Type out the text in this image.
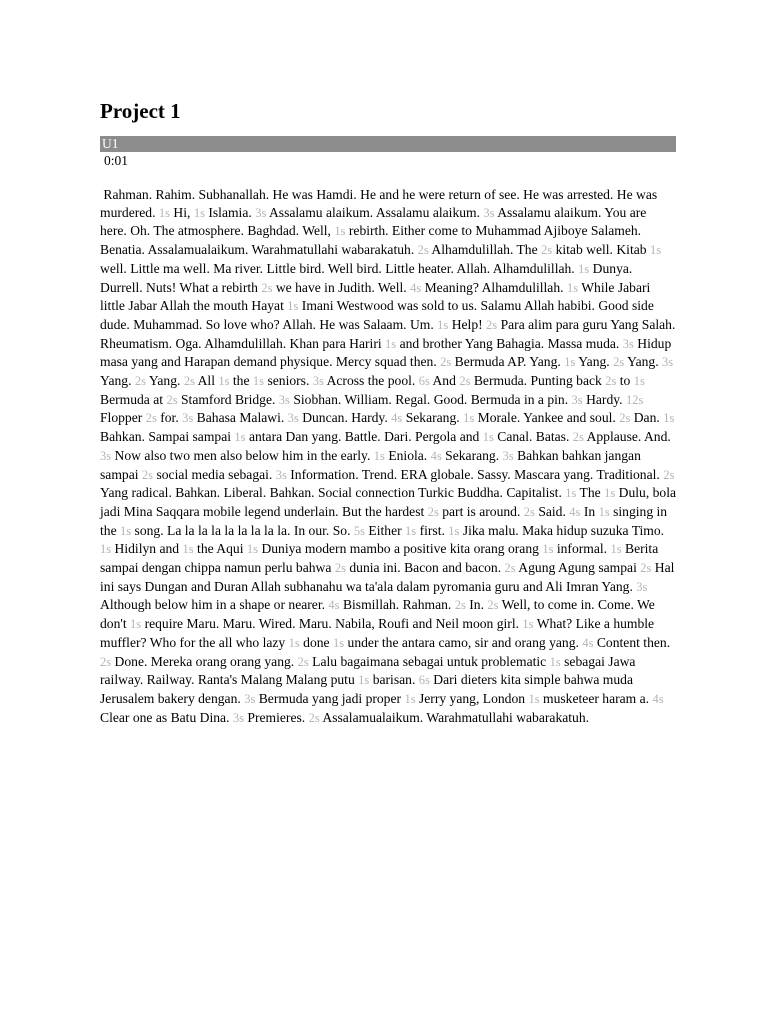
Project 1
U1
0:01
Rahman. Rahim. Subhanallah. He was Hamdi. He and he were return of see. He was arrested. He was murdered. 1s Hi, 1s Islamia. 3s Assalamu alaikum. Assalamu alaikum. 3s Assalamu alaikum. You are here. Oh. The atmosphere. Baghdad. Well, 1s rebirth. Either come to Muhammad Ajiboye Salameh. Benatia. Assalamualaikum. Warahmatullahi wabarakatuh. 2s Alhamdulillah. The 2s kitab well. Kitab 1s well. Little ma well. Ma river. Little bird. Well bird. Little heater. Allah. Alhamdulillah. 1s Dunya. Durrell. Nuts! What a rebirth 2s we have in Judith. Well. 4s Meaning? Alhamdulillah. 1s While Jabari little Jabar Allah the mouth Hayat 1s Imani Westwood was sold to us. Salamu Allah habibi. Good side dude. Muhammad. So love who? Allah. He was Salaam. Um. 1s Help! 2s Para alim para guru Yang Salah. Rheumatism. Oga. Alhamdulillah. Khan para Hariri 1s and brother Yang Bahagia. Massa muda. 3s Hidup masa yang and Harapan demand physique. Mercy squad then. 2s Bermuda AP. Yang. 1s Yang. 2s Yang. 3s Yang. 2s Yang. 2s All 1s the 1s seniors. 3s Across the pool. 6s And 2s Bermuda. Punting back 2s to 1s Bermuda at 2s Stamford Bridge. 3s Siobhan. William. Regal. Good. Bermuda in a pin. 3s Hardy. 12s Flopper 2s for. 3s Bahasa Malawi. 3s Duncan. Hardy. 4s Sekarang. 1s Morale. Yankee and soul. 2s Dan. 1s Bahkan. Sampai sampai 1s antara Dan yang. Battle. Dari. Pergola and 1s Canal. Batas. 2s Applause. And. 3s Now also two men also below him in the early. 1s Eniola. 4s Sekarang. 3s Bahkan bahkan jangan sampai 2s social media sebagai. 3s Information. Trend. ERA globale. Sassy. Mascara yang. Traditional. 2s Yang radical. Bahkan. Liberal. Bahkan. Social connection Turkic Buddha. Capitalist. 1s The 1s Dulu, bola jadi Mina Saqqara mobile legend underlain. But the hardest 2s part is around. 2s Said. 4s In 1s singing in the 1s song. La la la la la la la la la. In our. So. 5s Either 1s first. 1s Jika malu. Maka hidup suzuka Timo. 1s Hidilyn and 1s the Aqui 1s Duniya modern mambo a positive kita orang orang 1s informal. 1s Berita sampai dengan chippa namun perlu bahwa 2s dunia ini. Bacon and bacon. 2s Agung Agung sampai 2s Hal ini says Dungan and Duran Allah subhanahu wa ta'ala dalam pyromania guru and Ali Imran Yang. 3s Although below him in a shape or nearer. 4s Bismillah. Rahman. 2s In. 2s Well, to come in. Come. We don't 1s require Maru. Maru. Wired. Maru. Nabila, Roufi and Neil moon girl. 1s What? Like a humble muffler? Who for the all who lazy 1s done 1s under the antara camo, sir and orang yang. 4s Content then. 2s Done. Mereka orang orang yang. 2s Lalu bagaimana sebagai untuk problematic 1s sebagai Jawa railway. Railway. Ranta's Malang Malang putu 1s barisan. 6s Dari dieters kita simple bahwa muda Jerusalem bakery dengan. 3s Bermuda yang jadi proper 1s Jerry yang, London 1s musketeer haram a. 4s Clear one as Batu Dina. 3s Premieres. 2s Assalamualaikum. Warahmatullahi wabarakatuh.
